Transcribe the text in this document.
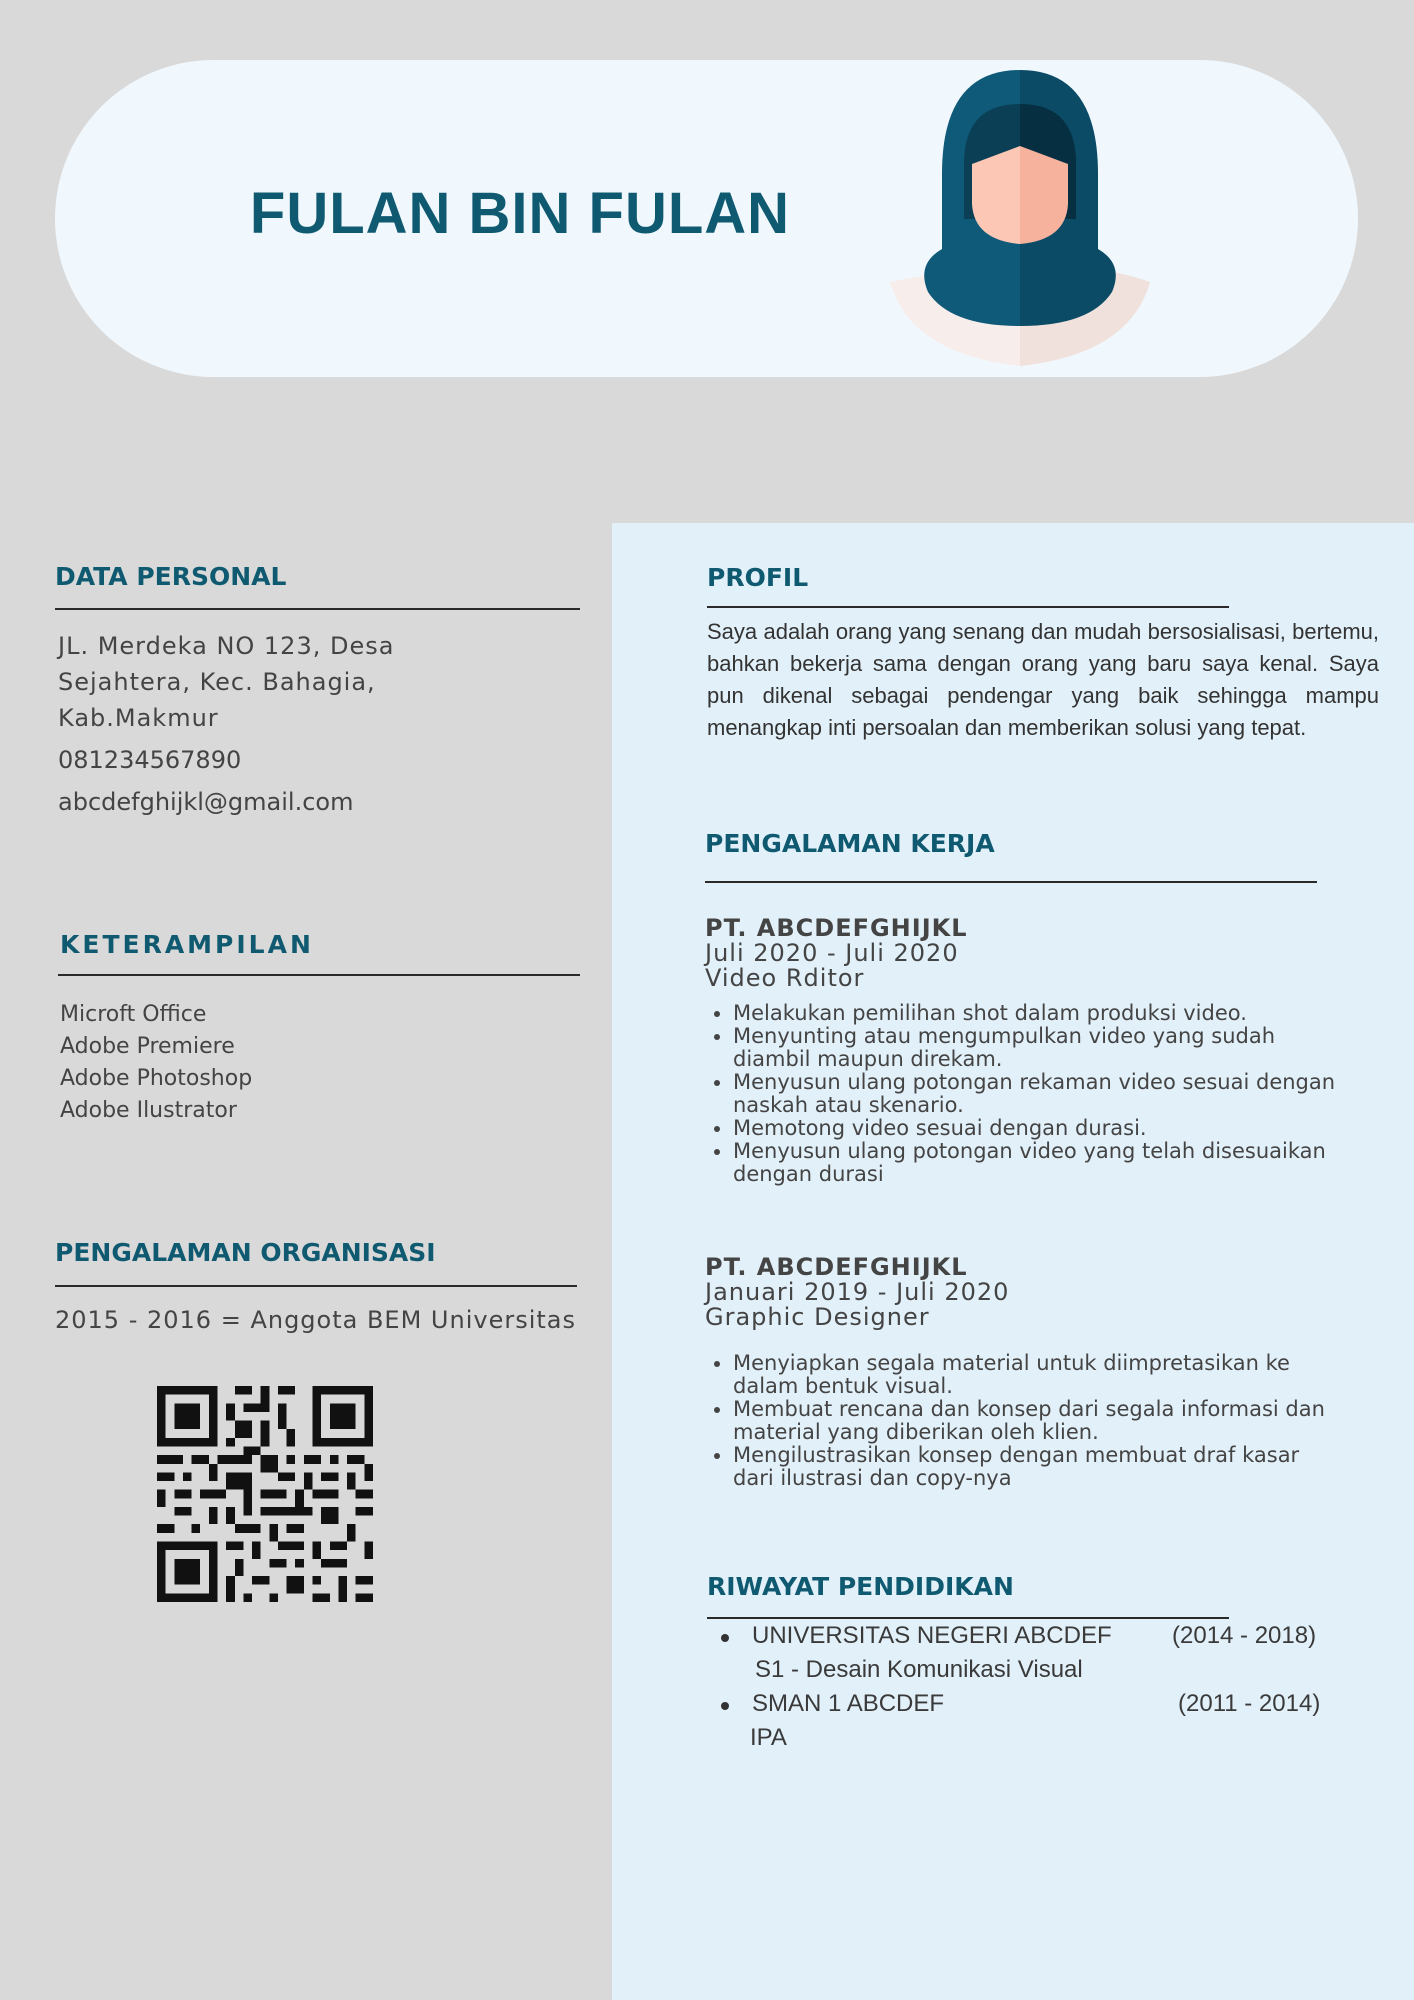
FULAN BIN FULAN
DATA PERSONAL
JL. Merdeka NO 123, Desa
Sejahtera, Kec. Bahagia,
Kab.Makmur
081234567890
abcdefghijkl@gmail.com
KETERAMPILAN
Microft Office
Adobe Premiere
Adobe Photoshop
Adobe Ilustrator
PENGALAMAN ORGANISASI
2015 - 2016 = Anggota BEM Universitas
PROFIL
Saya adalah orang yang senang dan mudah bersosialisasi, bertemu, bahkan bekerja sama dengan orang yang baru saya kenal. Saya pun dikenal sebagai pendengar yang baik sehingga mampu menangkap inti persoalan dan memberikan solusi yang tepat.
PENGALAMAN KERJA
PT. ABCDEFGHIJKL
Juli 2020 - Juli 2020
Video Rditor
• Melakukan pemilihan shot dalam produksi video.
• Menyunting atau mengumpulkan video yang sudah diambil maupun direkam.
• Menyusun ulang potongan rekaman video sesuai dengan naskah atau skenario.
• Memotong video sesuai dengan durasi.
• Menyusun ulang potongan video yang telah disesuaikan dengan durasi
PT. ABCDEFGHIJKL
Januari 2019 - Juli 2020
Graphic Designer
• Menyiapkan segala material untuk diimpretasikan ke dalam bentuk visual.
• Membuat rencana dan konsep dari segala informasi dan material yang diberikan oleh klien.
• Mengilustrasikan konsep dengan membuat draf kasar dari ilustrasi dan copy-nya
RIWAYAT PENDIDIKAN
UNIVERSITAS NEGERI ABCDEF	(2014 - 2018)
S1 - Desain Komunikasi Visual
SMAN 1 ABCDEF	(2011 - 2014)
IPA
